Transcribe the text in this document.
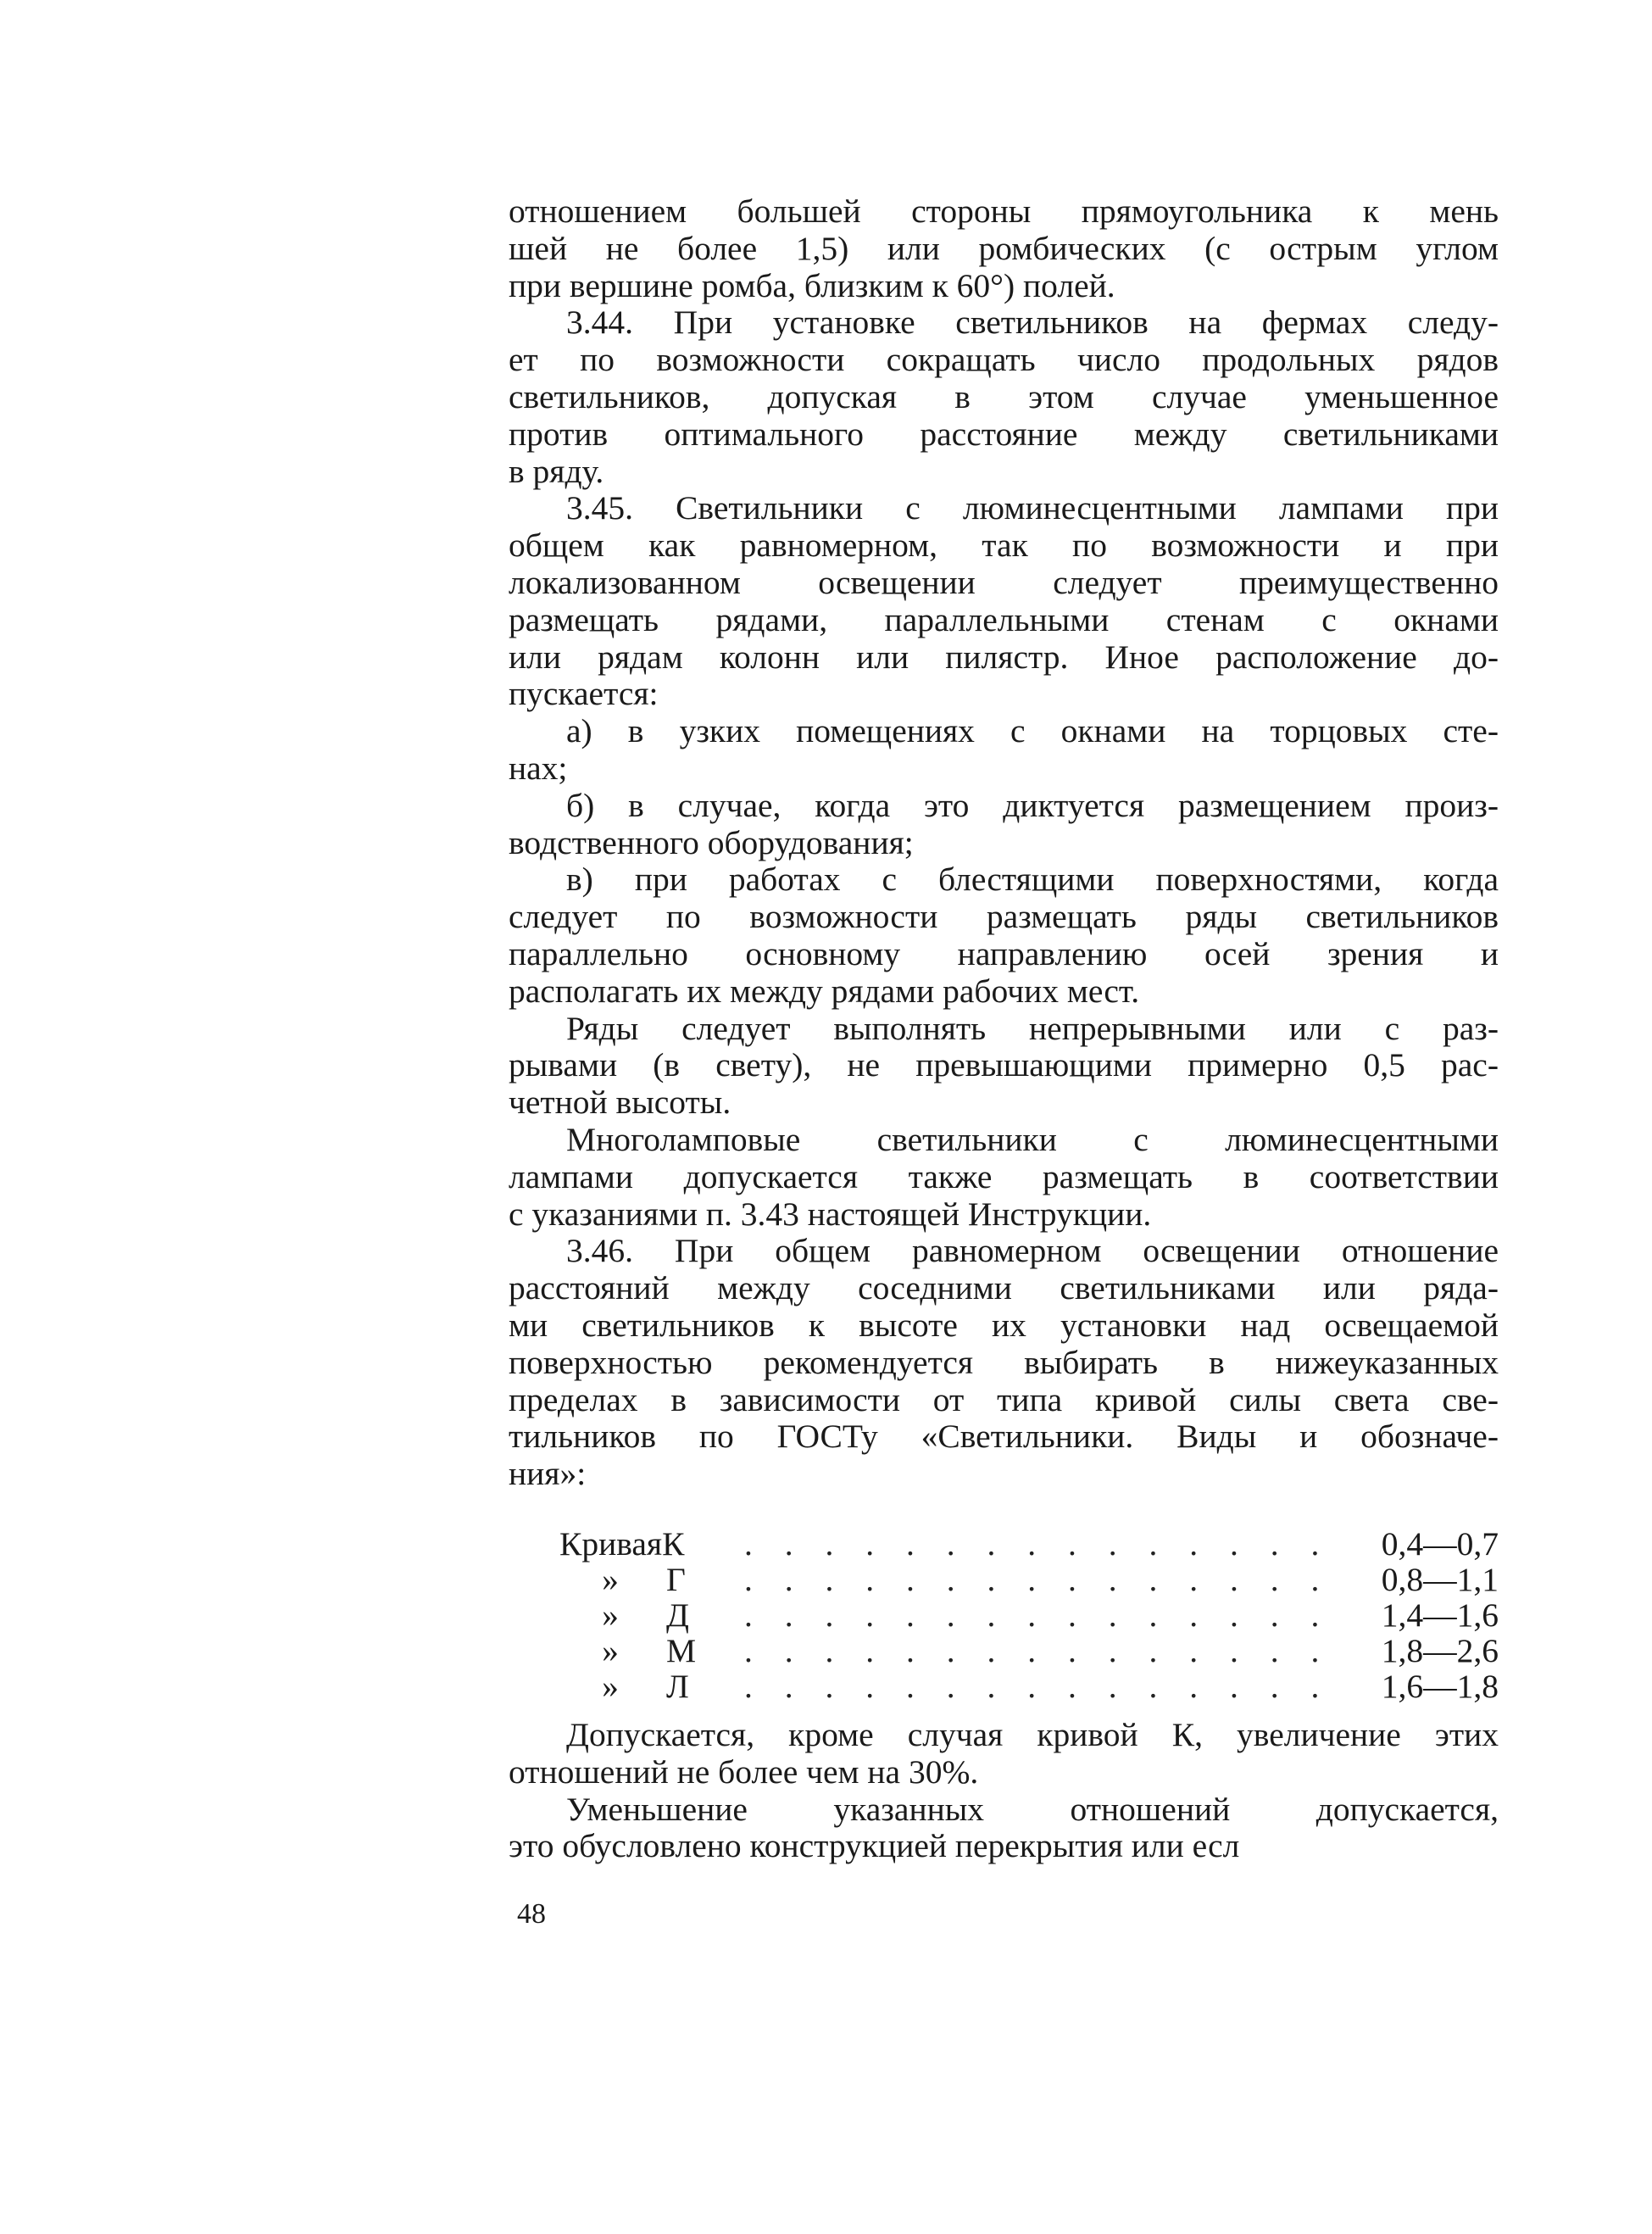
отношением большей стороны прямоугольника к мень
шей не более 1,5) или ромбических (с острым углом
при вершине ромба, близким к 60°) полей.
3.44. При установке светильников на фермах следу-
ет по возможности сокращать число продольных рядов
светильников, допуская в этом случае уменьшенное
против оптимального расстояние между светильниками
в ряду.
3.45. Светильники с люминесцентными лампами при
общем как равномерном, так по возможности и при
локализованном освещении следует преимущественно
размещать рядами, параллельными стенам с окнами
или рядам колонн или пилястр. Иное расположение до-
пускается:
а) в узких помещениях с окнами на торцовых сте-
нах;
б) в случае, когда это диктуется размещением произ-
водственного оборудования;
в) при работах с блестящими поверхностями, когда
следует по возможности размещать ряды светильников
параллельно основному направлению осей зрения и
располагать их между рядами рабочих мест.
Ряды следует выполнять непрерывными или с раз-
рывами (в свету), не превышающими примерно 0,5 рас-
четной высоты.
Многоламповые светильники с люминесцентными
лампами допускается также размещать в соответствии
с указаниями п. 3.43 настоящей Инструкции.
3.46. При общем равномерном освещении отношение
расстояний между соседними светильниками или ряда-
ми светильников к высоте их установки над освещаемой
поверхностью рекомендуется выбирать в нижеуказанных
пределах в зависимости от типа кривой силы света све-
тильников по ГОСТу «Светильники. Виды и обозначе-
ния»:
КриваяК	. . . . . . . . . . . . . . .	0,4—0,7
» Г	. . . . . . . . . . . . . . .	0,8—1,1
» Д	. . . . . . . . . . . . . . .	1,4—1,6
» М	. . . . . . . . . . . . . . .	1,8—2,6
» Л	. . . . . . . . . . . . . . .	1,6—1,8
Допускается, кроме случая кривой К, увеличение этих
отношений не более чем на 30%.
Уменьшение указанных отношений допускается,
это обусловлено конструкцией перекрытия или есл
48
